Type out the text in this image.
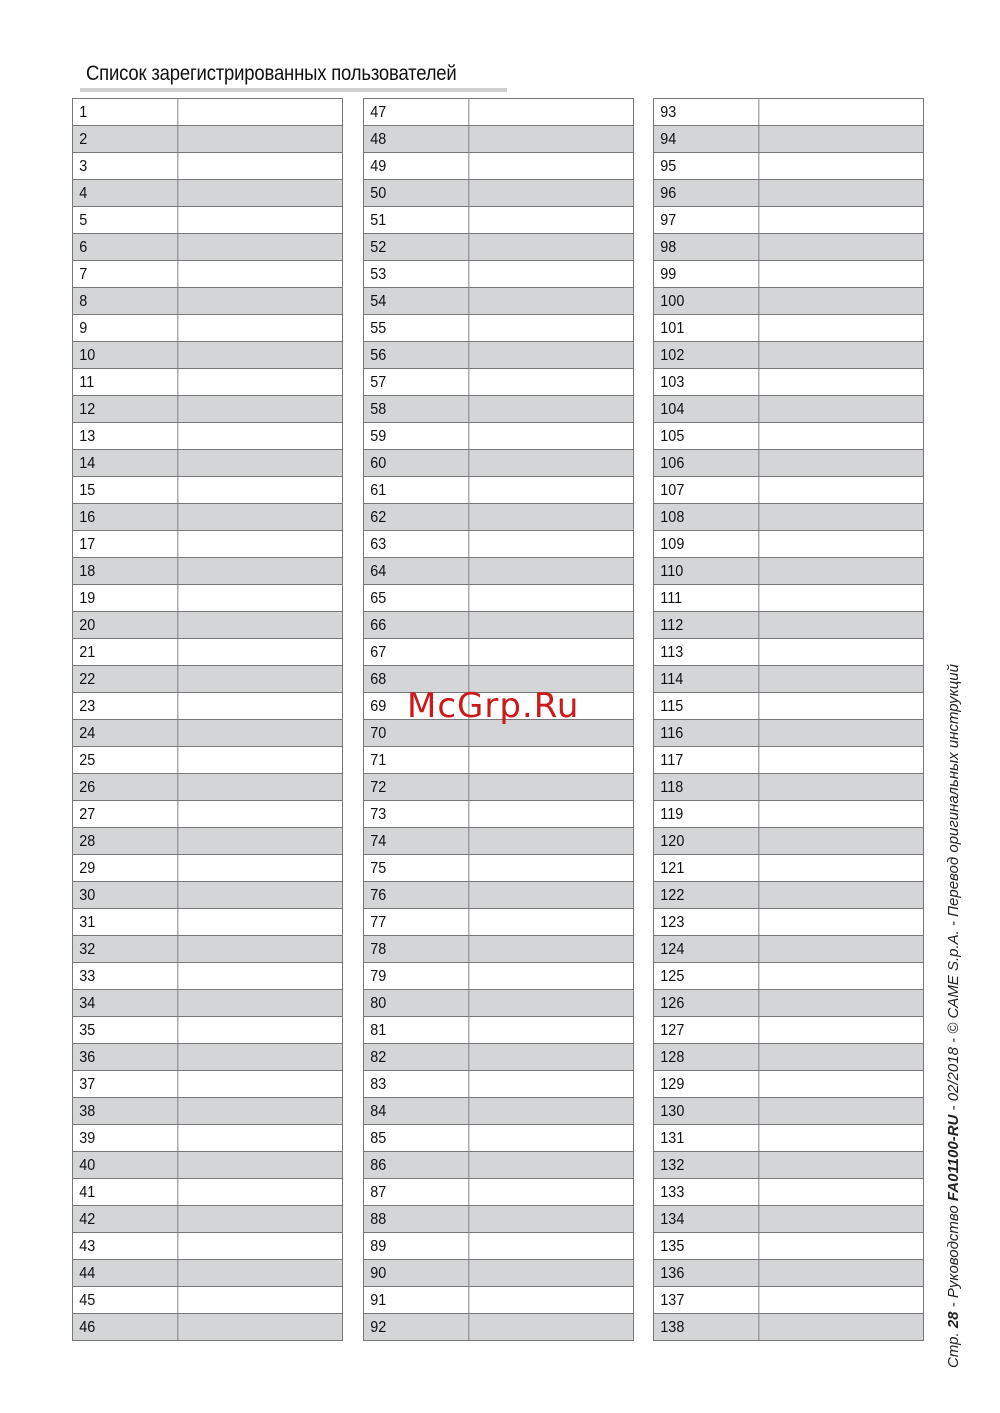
Список зарегистрированных пользователей
1
2
3
4
5
6
7
8
9
10
11
12
13
14
15
16
17
18
19
20
21
22
23
24
25
26
27
28
29
30
31
32
33
34
35
36
37
38
39
40
41
42
43
44
45
46
47
48
49
50
51
52
53
54
55
56
57
58
59
60
61
62
63
64
65
66
67
68
69
70
71
72
73
74
75
76
77
78
79
80
81
82
83
84
85
86
87
88
89
90
91
92
93
94
95
96
97
98
99
100
101
102
103
104
105
106
107
108
109
110
111
112
113
114
115
116
117
118
119
120
121
122
123
124
125
126
127
128
129
130
131
132
133
134
135
136
137
138
McGrp.Ru
Стр. 28 - Руководство FA01100-RU - 02/2018 - © CAME S.p.A. - Перевод оригинальных инструкций
